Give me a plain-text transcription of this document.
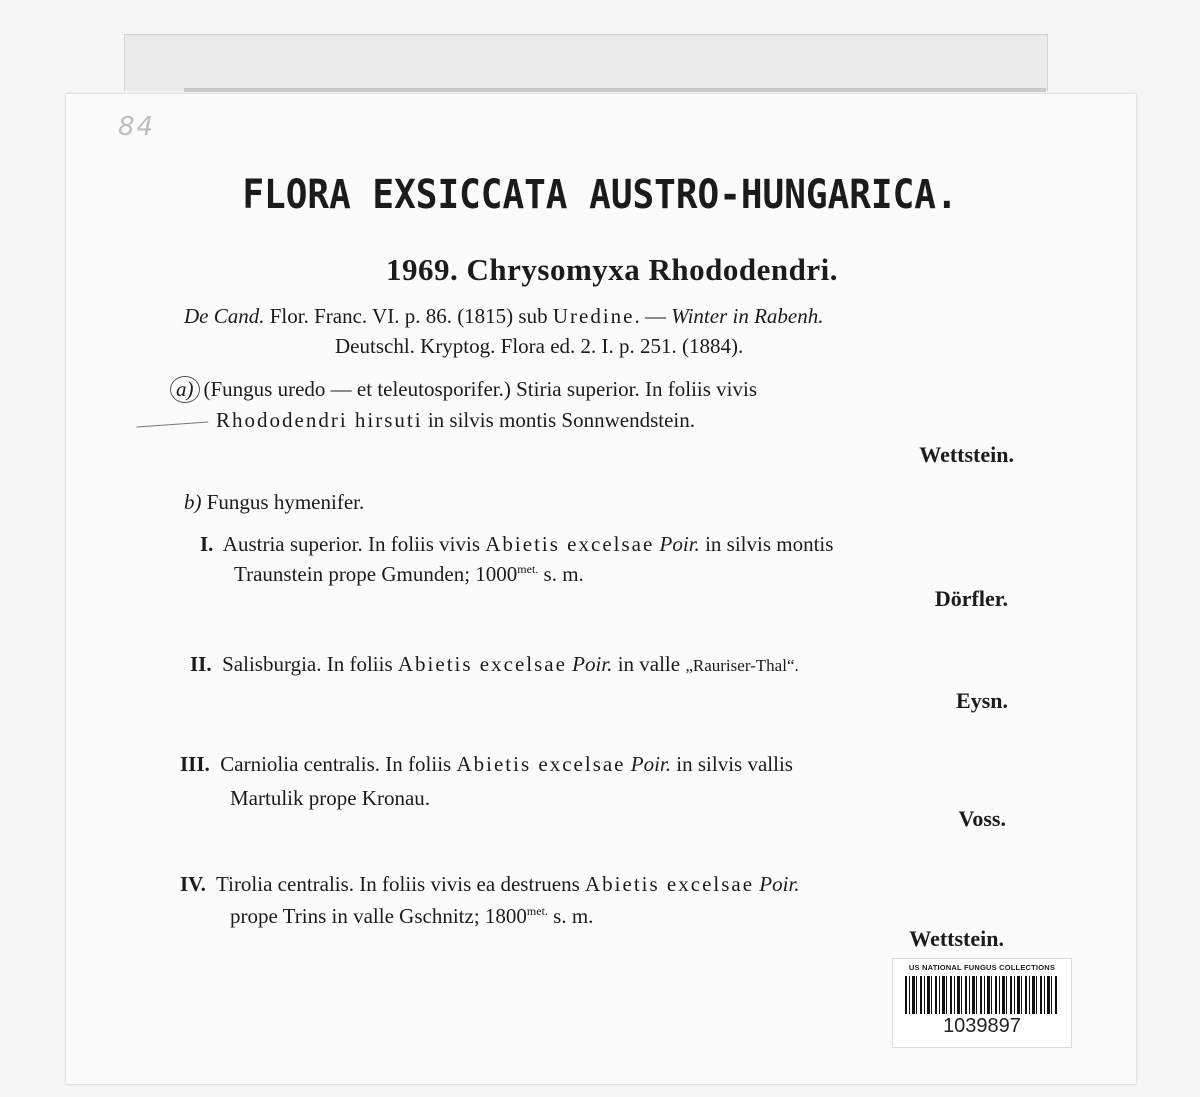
84
FLORA EXSICCATA AUSTRO-HUNGARICA.
1969. Chrysomyxa Rhododendri.
De Cand. Flor. Franc. VI. p. 86. (1815) sub Uredine. — Winter in Rabenh.
Deutschl. Kryptog. Flora ed. 2. I. p. 251. (1884).
a) (Fungus uredo — et teleutosporifer.) Stiria superior. In foliis vivis
Rhododendri hirsuti in silvis montis Sonnwendstein.
Wettstein.
b) Fungus hymenifer.
I. Austria superior. In foliis vivis Abietis excelsae Poir. in silvis montis
Traunstein prope Gmunden; $1000^{met.}$ s. m.
Dörfler.
II. Salisburgia. In foliis Abietis excelsae Poir. in valle „Rauriser-Thal“.
Eysn.
III. Carniolia centralis. In foliis Abietis excelsae Poir. in silvis vallis
Martulik prope Kronau.
Voss.
IV. Tirolia centralis. In foliis vivis ea destruens Abietis excelsae Poir.
prope Trins in valle Gschnitz; $1800^{met.}$ s. m.
Wettstein.
US NATIONAL FUNGUS COLLECTIONS
1039897
